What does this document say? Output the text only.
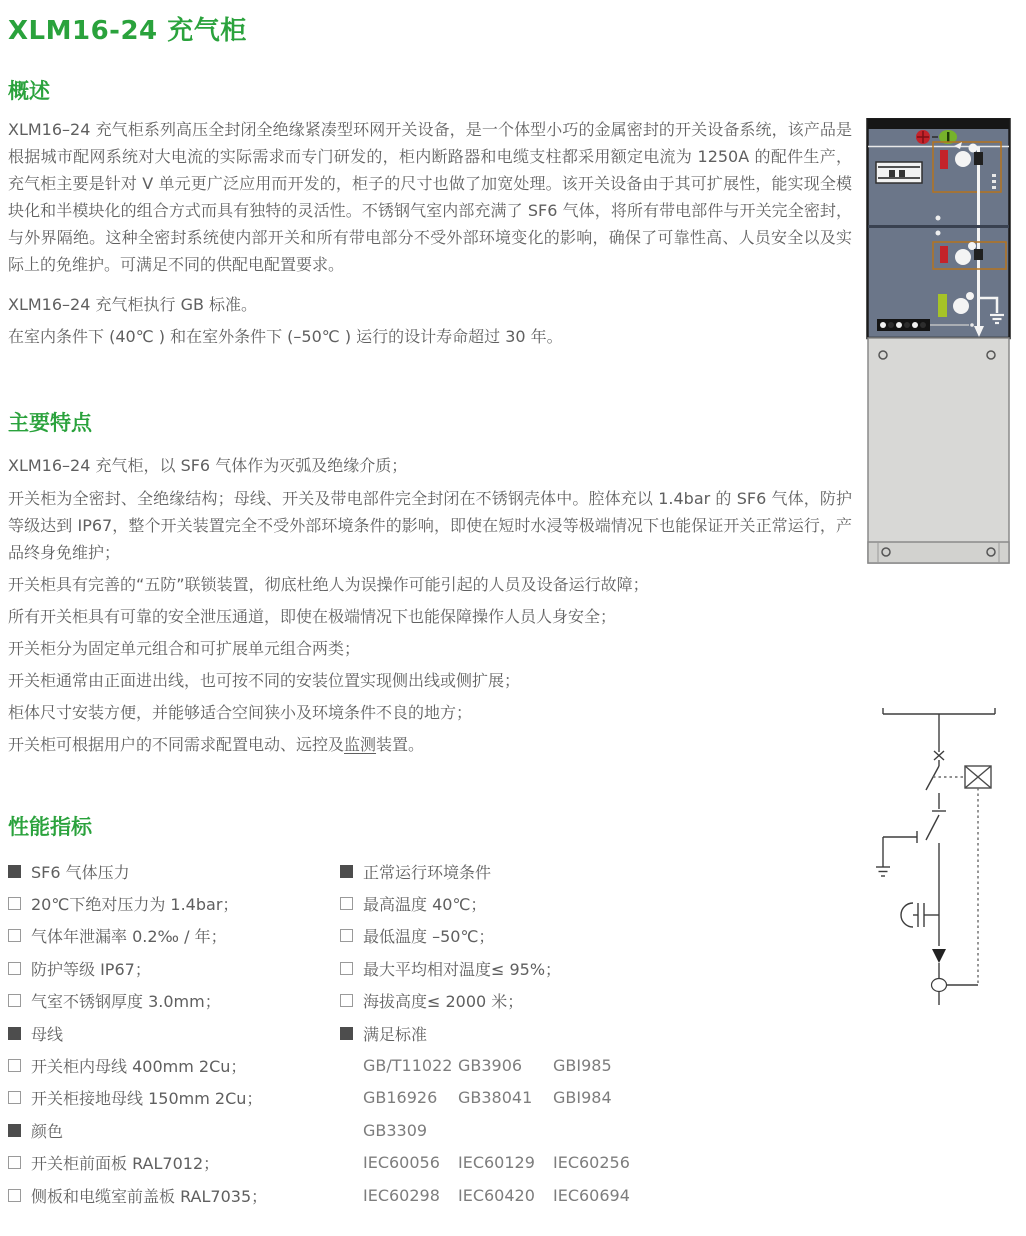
XLM16-24 充气柜
概述
XLM16–24 充气柜系列高压全封闭全绝缘紧凑型环网开关设备，是一个体型小巧的金属密封的开关设备系统，该产品是根据城市配网系统对大电流的实际需求而专门研发的，柜内断路器和电缆支柱都采用额定电流为 1250A 的配件生产，充气柜主要是针对 V 单元更广泛应用而开发的，柜子的尺寸也做了加宽处理。该开关设备由于其可扩展性，能实现全模块化和半模块化的组合方式而具有独特的灵活性。不锈钢气室内部充满了 SF6 气体，将所有带电部件与开关完全密封，与外界隔绝。这种全密封系统使内部开关和所有带电部分不受外部环境变化的影响，确保了可靠性高、人员安全以及实际上的免维护。可满足不同的供配电配置要求。
XLM16–24 充气柜执行 GB 标准。
在室内条件下 (40℃ ) 和在室外条件下 (–50℃ ) 运行的设计寿命超过 30 年。
主要特点
XLM16–24 充气柜，以 SF6 气体作为灭弧及绝缘介质；
开关柜为全密封、全绝缘结构；母线、开关及带电部件完全封闭在不锈钢壳体中。腔体充以 1.4bar 的 SF6 气体，防护等级达到 IP67，整个开关装置完全不受外部环境条件的影响，即使在短时水浸等极端情况下也能保证开关正常运行，产品终身免维护；
开关柜具有完善的“五防”联锁装置，彻底杜绝人为误操作可能引起的人员及设备运行故障；
所有开关柜具有可靠的安全泄压通道，即使在极端情况下也能保障操作人员人身安全；
开关柜分为固定单元组合和可扩展单元组合两类；
开关柜通常由正面进出线，也可按不同的安装位置实现侧出线或侧扩展；
柜体尺寸安装方便，并能够适合空间狭小及环境条件不良的地方；
开关柜可根据用户的不同需求配置电动、远控及监测装置。
性能指标
SF6 气体压力	正常运行环境条件
20℃下绝对压力为 1.4bar；	最高温度 40℃；
气体年泄漏率 0.2‰ / 年；	最低温度 –50℃；
防护等级 IP67；	最大平均相对温度≤ 95%；
气室不锈钢厚度 3.0mm；	海拔高度≤ 2000 米；
母线	满足标准
开关柜内母线 400mm 2Cu；	GB/T11022 GB3906	GBI985
开关柜接地母线 150mm 2Cu；	GB16926	GB38041	GBI984
颜色	GB3309
开关柜前面板 RAL7012；	IEC60056	IEC60129	IEC60256
侧板和电缆室前盖板 RAL7035；	IEC60298	IEC60420	IEC60694
